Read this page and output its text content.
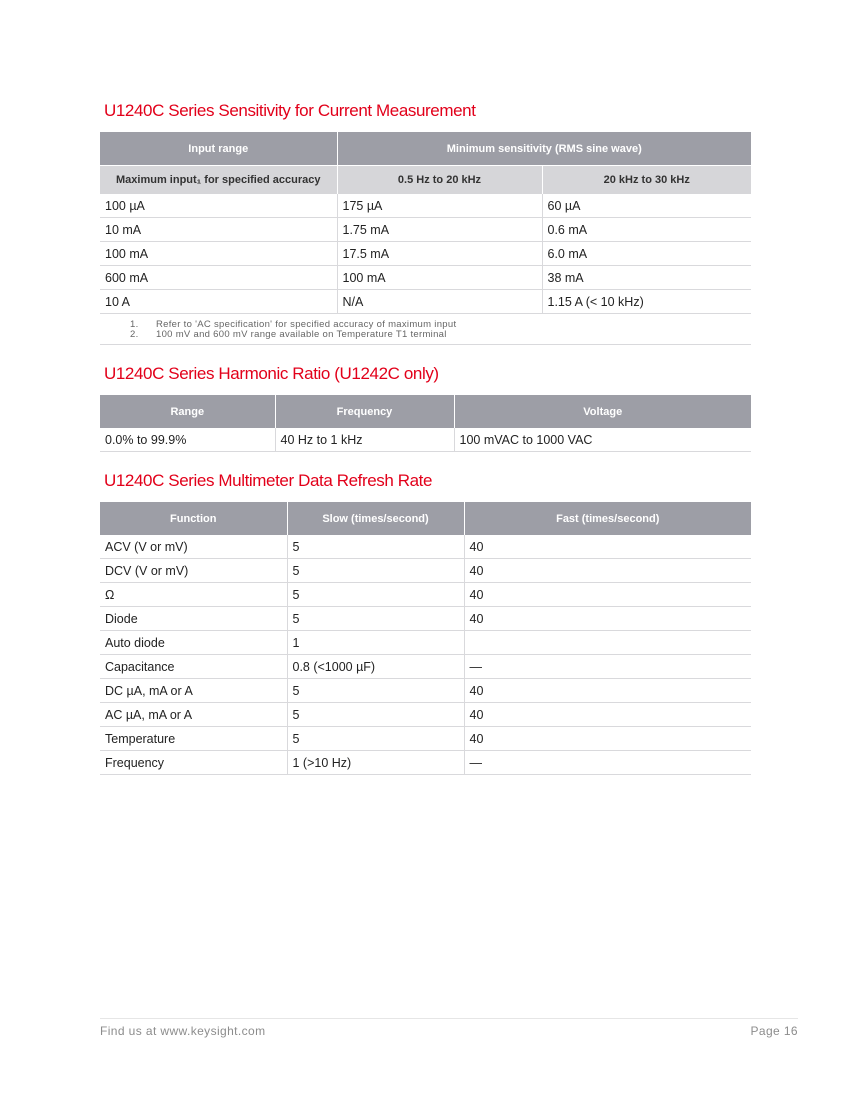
U1240C Series Sensitivity for Current Measurement
Input range	Minimum sensitivity (RMS sine wave)	
Maximum input₁ for specified accuracy	0.5 Hz to 20 kHz	20 kHz to 30 kHz
100 µA	175 µA	60 µA
10 mA	1.75 mA	0.6 mA
100 mA	17.5 mA	6.0 mA
600 mA	100 mA	38 mA
10 A	N/A	1.15 A (< 10 kHz)

1. Refer to 'AC specification' for specified accuracy of maximum input
2. 100 mV and 600 mV range available on Temperature T1 terminal		
U1240C Series Harmonic Ratio (U1242C only)
Range	Frequency	Voltage
0.0% to 99.9%	40 Hz to 1 kHz	100 mVAC to 1000 VAC
U1240C Series Multimeter Data Refresh Rate
Function	Slow (times/second)	Fast (times/second)
ACV (V or mV)	5	40
DCV (V or mV)	5	40
Ω	5	40
Diode	5	40
Auto diode	1	
Capacitance	0.8 (<1000 µF)	—
DC µA, mA or A	5	40
AC µA, mA or A	5	40
Temperature	5	40
Frequency	1 (>10 Hz)	—
Find us at www.keysight.com	Page 16
